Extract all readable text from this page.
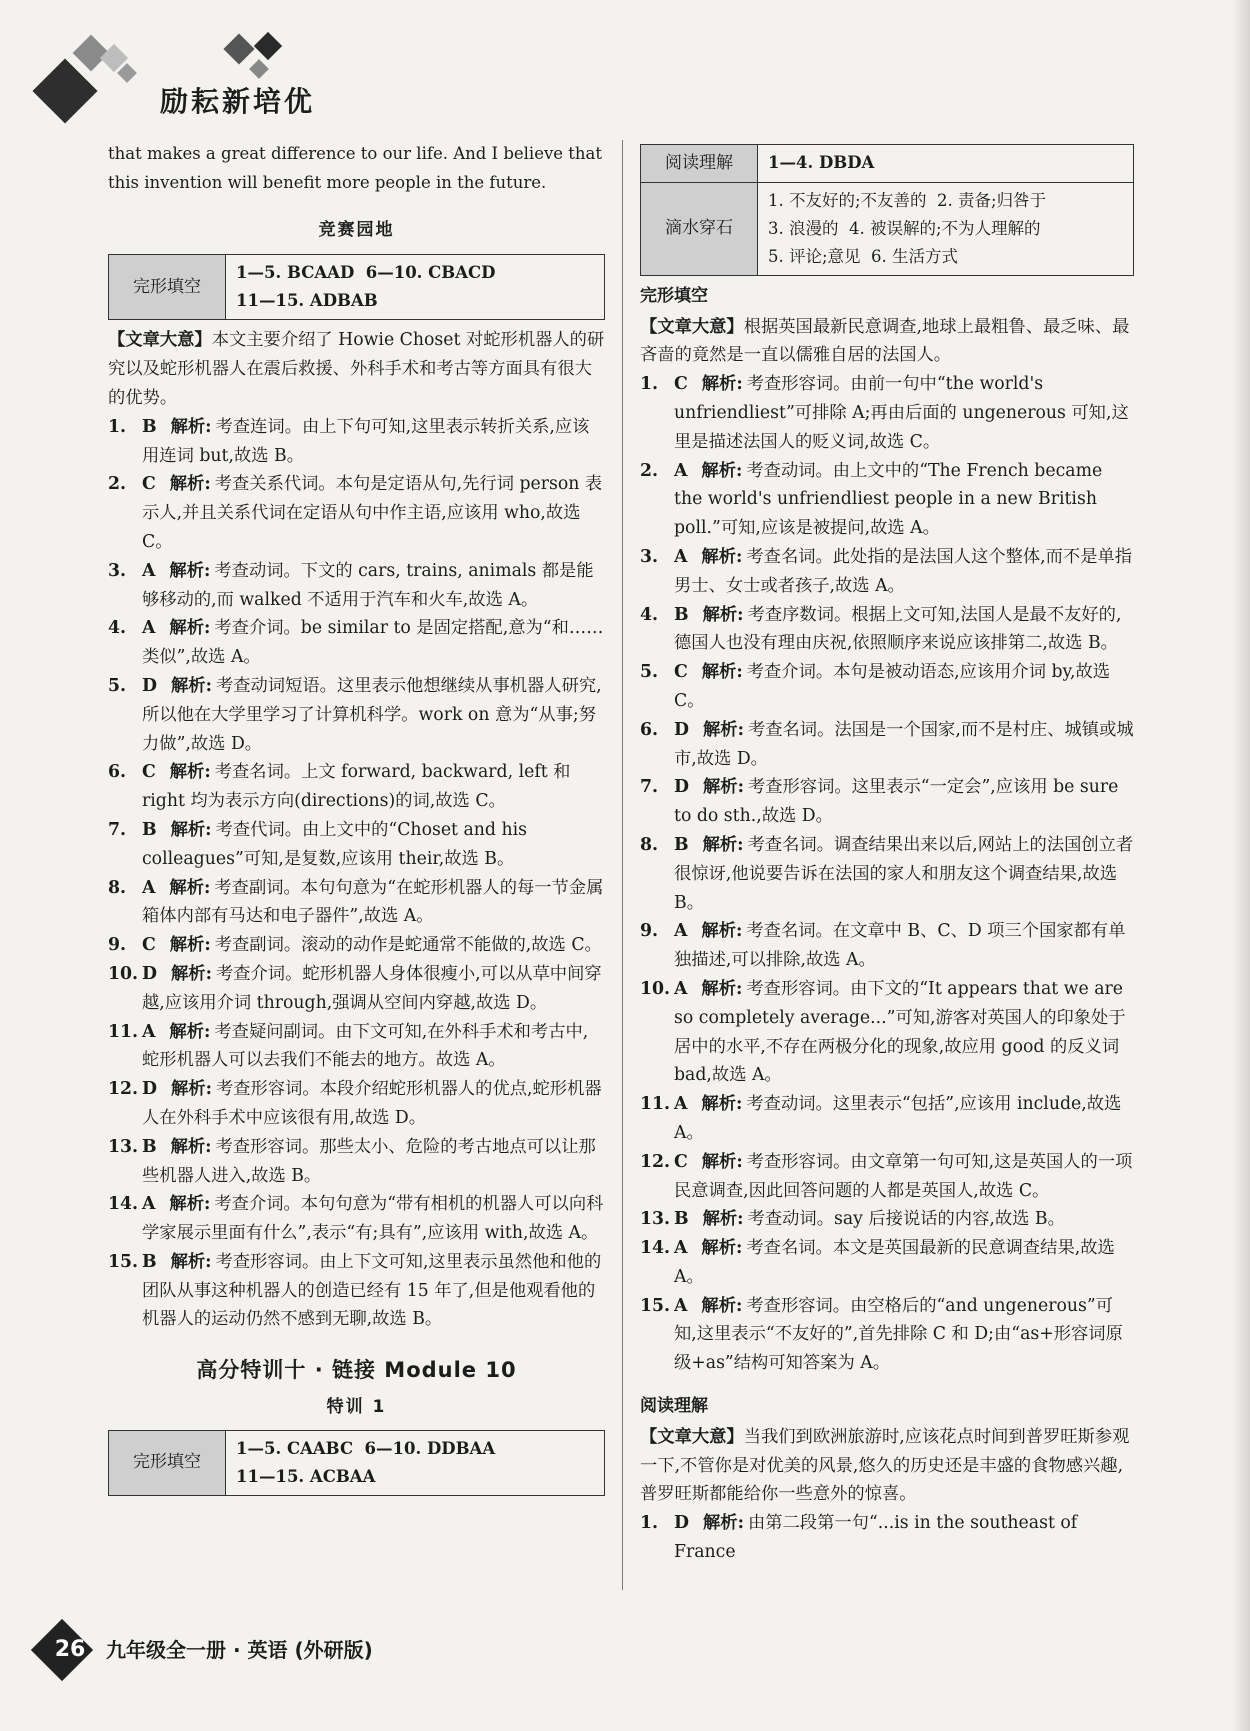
励耘新培优

that makes a great difference to our life. And I believe that this invention will benefit more people in the future.

竞赛园地
完形填空	
1—5. BCAAD  6—10. CBACD
11—15. ADBAB

【文章大意】本文主要介绍了 Howie Choset 对蛇形机器人的研究以及蛇形机器人在震后救援、外科手术和考古等方面具有很大的优势。

1. B 解析: 考查连词。由上下句可知,这里表示转折关系,应该用连词 but,故选 B。

2. C 解析: 考查关系代词。本句是定语从句,先行词 person 表示人,并且关系代词在定语从句中作主语,应该用 who,故选 C。

3. A 解析: 考查动词。下文的 cars, trains, animals 都是能够移动的,而 walked 不适用于汽车和火车,故选 A。

4. A 解析: 考查介词。be similar to 是固定搭配,意为“和……类似”,故选 A。

5. D 解析: 考查动词短语。这里表示他想继续从事机器人研究,所以他在大学里学习了计算机科学。work on 意为“从事;努力做”,故选 D。

6. C 解析: 考查名词。上文 forward, backward, left 和 right 均为表示方向(directions)的词,故选 C。

7. B 解析: 考查代词。由上文中的“Choset and his colleagues”可知,是复数,应该用 their,故选 B。

8. A 解析: 考查副词。本句句意为“在蛇形机器人的每一节金属箱体内部有马达和电子器件”,故选 A。

9. C 解析: 考查副词。滚动的动作是蛇通常不能做的,故选 C。

10. D 解析: 考查介词。蛇形机器人身体很瘦小,可以从草中间穿越,应该用介词 through,强调从空间内穿越,故选 D。

11. A 解析: 考查疑问副词。由下文可知,在外科手术和考古中,蛇形机器人可以去我们不能去的地方。故选 A。

12. D 解析: 考查形容词。本段介绍蛇形机器人的优点,蛇形机器人在外科手术中应该很有用,故选 D。

13. B 解析: 考查形容词。那些太小、危险的考古地点可以让那些机器人进入,故选 B。

14. A 解析: 考查介词。本句句意为“带有相机的机器人可以向科学家展示里面有什么”,表示“有;具有”,应该用 with,故选 A。

15. B 解析: 考查形容词。由上下文可知,这里表示虽然他和他的团队从事这种机器人的创造已经有 15 年了,但是他观看他的机器人的运动仍然不感到无聊,故选 B。

高分特训十 · 链接 Module 10
特训 1
完形填空	
1—5. CAABC  6—10. DDBAA
11—15. ACBAA
阅读理解	1—4. DBDA
滴水穿石	1. 不友好的;不友善的  2. 责备;归咎于
3. 浪漫的  4. 被误解的;不为人理解的
5. 评论;意见  6. 生活方式
完形填空

【文章大意】根据英国最新民意调查,地球上最粗鲁、最乏味、最吝啬的竟然是一直以儒雅自居的法国人。

1. C 解析: 考查形容词。由前一句中“the world's unfriendliest”可排除 A;再由后面的 ungenerous 可知,这里是描述法国人的贬义词,故选 C。

2. A 解析: 考查动词。由上文中的“The French became the world's unfriendliest people in a new British poll.”可知,应该是被提问,故选 A。

3. A 解析: 考查名词。此处指的是法国人这个整体,而不是单指男士、女士或者孩子,故选 A。

4. B 解析: 考查序数词。根据上文可知,法国人是最不友好的,德国人也没有理由庆祝,依照顺序来说应该排第二,故选 B。

5. C 解析: 考查介词。本句是被动语态,应该用介词 by,故选 C。

6. D 解析: 考查名词。法国是一个国家,而不是村庄、城镇或城市,故选 D。

7. D 解析: 考查形容词。这里表示“一定会”,应该用 be sure to do sth.,故选 D。

8. B 解析: 考查名词。调查结果出来以后,网站上的法国创立者很惊讶,他说要告诉在法国的家人和朋友这个调查结果,故选 B。

9. A 解析: 考查名词。在文章中 B、C、D 项三个国家都有单独描述,可以排除,故选 A。

10. A 解析: 考查形容词。由下文的“It appears that we are so completely average...”可知,游客对英国人的印象处于居中的水平,不存在两极分化的现象,故应用 good 的反义词 bad,故选 A。

11. A 解析: 考查动词。这里表示“包括”,应该用 include,故选 A。

12. C 解析: 考查形容词。由文章第一句可知,这是英国人的一项民意调查,因此回答问题的人都是英国人,故选 C。

13. B 解析: 考查动词。say 后接说话的内容,故选 B。

14. A 解析: 考查名词。本文是英国最新的民意调查结果,故选 A。

15. A 解析: 考查形容词。由空格后的“and ungenerous”可知,这里表示“不友好的”,首先排除 C 和 D;由“as+形容词原级+as”结构可知答案为 A。

阅读理解

【文章大意】当我们到欧洲旅游时,应该花点时间到普罗旺斯参观一下,不管你是对优美的风景,悠久的历史还是丰盛的食物感兴趣,普罗旺斯都能给你一些意外的惊喜。

1. D 解析: 由第二段第一句“...is in the southeast of France

26	九年级全一册 · 英语 (外研版)
